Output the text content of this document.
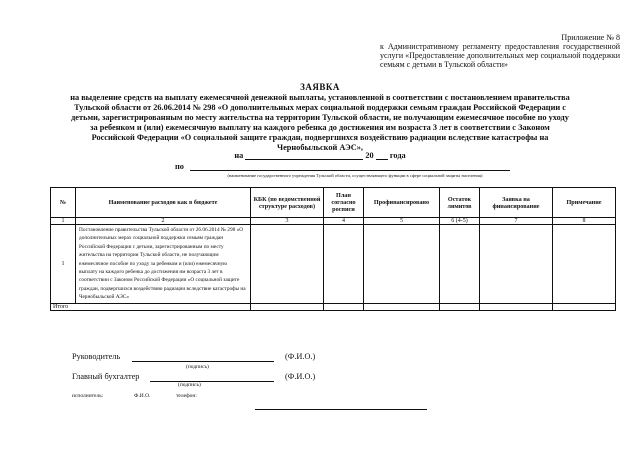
Приложение № 8
к Административному регламенту предоставления государственной услуги «Предоставление дополнительных мер социальной поддержки семьям с детьми в Тульской области»
ЗАЯВКА
на выделение средств на выплату ежемесячной денежной выплаты, установленной в соответствии с постановлением правительства Тульской области от 26.06.2014 № 298 «О дополнительных мерах социальной поддержки семьям граждан Российской Федерации с детьми, зарегистрированным по месту жительства на территории Тульской области, не получающим ежемесячное пособие по уходу за ребенком и (или) ежемесячную выплату на каждого ребенка до достижения им возраста 3 лет в соответствии с Законом Российской Федерации «О социальной защите граждан, подвергшихся воздействию радиации вследствие катастрофы на Чернобыльской АЭС»,
на	20 года
по
(наименование государственного учреждения Тульской области, осуществляющего функции в сфере социальной защиты населения)
№	Наименование расходов как в бюджете	КБК (по ведомственной структуре расходов)	План согласно росписи	Профинансировано	Остаток лимитов	Заявка на финансирование	Примечание
1	2	3	4	5	6 (4-5)	7	8
1	Постановление правительства Тульской области от 26.06.2014 № 298 «О дополнительных мерах социальной поддержки семьям граждан Российской Федерации с детьми, зарегистрированным по месту жительства на территории Тульской области, не получающим ежемесячное пособие по уходу за ребенком и (или) ежемесячную выплату на каждого ребенка до достижения им возраста 3 лет в соответствии с Законом Российской Федерации «О социальной защите граждан, подвергшихся воздействию радиации вследствие катастрофы на Чернобыльской АЭС»						
Итого							
Руководитель	(Ф.И.О.)
(подпись)
Главный бухгалтер	(Ф.И.О.)
(подпись)
исполнитель:	Ф.И.О.	телефон:
